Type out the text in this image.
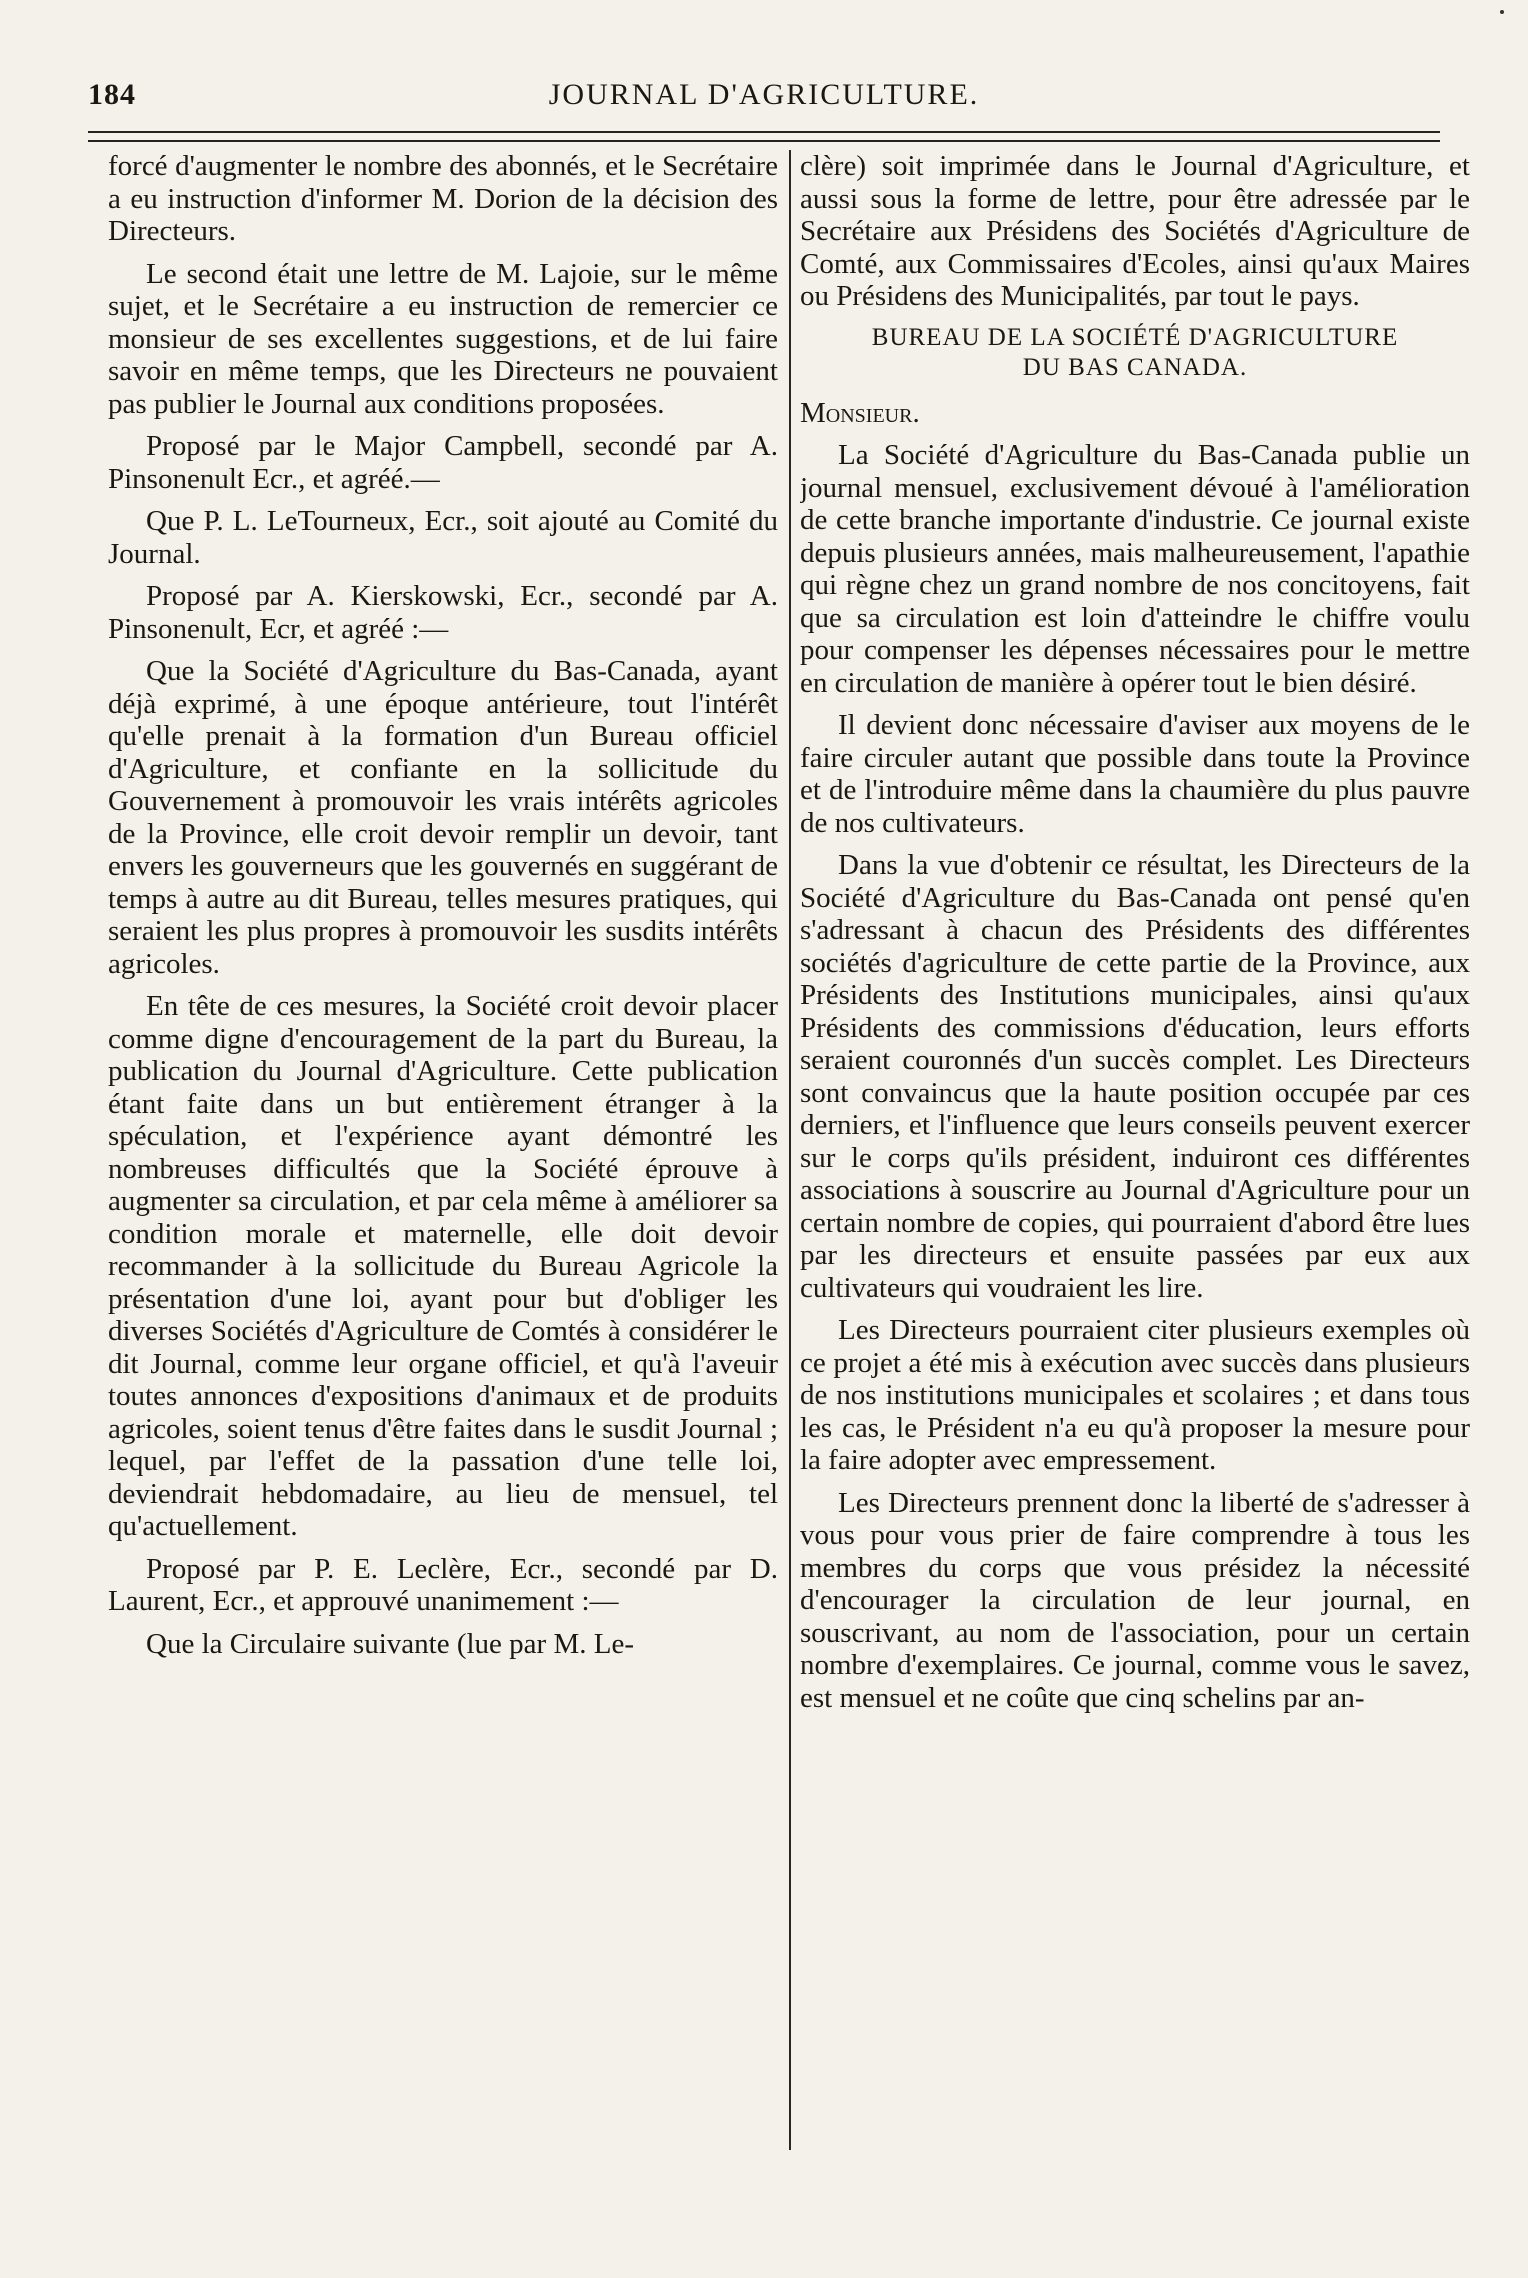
184	JOURNAL D'AGRICULTURE.

forcé d'augmenter le nombre des abonnés, et le Secrétaire a eu instruction d'informer M. Dorion de la décision des Directeurs.

Le second était une lettre de M. Lajoie, sur le même sujet, et le Secrétaire a eu instruction de remercier ce monsieur de ses excellentes suggestions, et de lui faire savoir en même temps, que les Directeurs ne pouvaient pas publier le Journal aux conditions proposées.

Proposé par le Major Campbell, secondé par A. Pinsonenult Ecr., et agréé.—

Que P. L. LeTourneux, Ecr., soit ajouté au Comité du Journal.

Proposé par A. Kierskowski, Ecr., secondé par A. Pinsonenult, Ecr, et agréé :—

Que la Société d'Agriculture du Bas-Canada, ayant déjà exprimé, à une époque antérieure, tout l'intérêt qu'elle prenait à la formation d'un Bureau officiel d'Agriculture, et confiante en la sollicitude du Gouvernement à promouvoir les vrais intérêts agricoles de la Province, elle croit devoir remplir un devoir, tant envers les gouverneurs que les gouvernés en suggérant de temps à autre au dit Bureau, telles mesures pratiques, qui seraient les plus propres à promouvoir les susdits intérêts agricoles.

En tête de ces mesures, la Société croit devoir placer comme digne d'encouragement de la part du Bureau, la publication du Journal d'Agriculture. Cette publication étant faite dans un but entièrement étranger à la spéculation, et l'expérience ayant démontré les nombreuses difficultés que la Société éprouve à augmenter sa circulation, et par cela même à améliorer sa condition morale et maternelle, elle doit devoir recommander à la sollicitude du Bureau Agricole la présentation d'une loi, ayant pour but d'obliger les diverses Sociétés d'Agriculture de Comtés à considérer le dit Journal, comme leur organe officiel, et qu'à l'aveuir toutes annonces d'expositions d'animaux et de produits agricoles, soient tenus d'être faites dans le susdit Journal ; lequel, par l'effet de la passation d'une telle loi, deviendrait hebdomadaire, au lieu de mensuel, tel qu'actuellement.

Proposé par P. E. Leclère, Ecr., secondé par D. Laurent, Ecr., et approuvé unanimement :—

Que la Circulaire suivante (lue par M. Le-

clère) soit imprimée dans le Journal d'Agriculture, et aussi sous la forme de lettre, pour être adressée par le Secrétaire aux Présidens des Sociétés d'Agriculture de Comté, aux Commissaires d'Ecoles, ainsi qu'aux Maires ou Présidens des Municipalités, par tout le pays.

BUREAU DE LA SOCIÉTÉ D'AGRICULTURE
DU BAS CANADA.

Monsieur.

La Société d'Agriculture du Bas-Canada publie un journal mensuel, exclusivement dévoué à l'amélioration de cette branche importante d'industrie. Ce journal existe depuis plusieurs années, mais malheureusement, l'apathie qui règne chez un grand nombre de nos concitoyens, fait que sa circulation est loin d'atteindre le chiffre voulu pour compenser les dépenses nécessaires pour le mettre en circulation de manière à opérer tout le bien désiré.

Il devient donc nécessaire d'aviser aux moyens de le faire circuler autant que possible dans toute la Province et de l'introduire même dans la chaumière du plus pauvre de nos cultivateurs.

Dans la vue d'obtenir ce résultat, les Directeurs de la Société d'Agriculture du Bas-Canada ont pensé qu'en s'adressant à chacun des Présidents des différentes sociétés d'agriculture de cette partie de la Province, aux Présidents des Institutions municipales, ainsi qu'aux Présidents des commissions d'éducation, leurs efforts seraient couronnés d'un succès complet. Les Directeurs sont convaincus que la haute position occupée par ces derniers, et l'influence que leurs conseils peuvent exercer sur le corps qu'ils président, induiront ces différentes associations à souscrire au Journal d'Agriculture pour un certain nombre de copies, qui pourraient d'abord être lues par les directeurs et ensuite passées par eux aux cultivateurs qui voudraient les lire.

Les Directeurs pourraient citer plusieurs exemples où ce projet a été mis à exécution avec succès dans plusieurs de nos institutions municipales et scolaires ; et dans tous les cas, le Président n'a eu qu'à proposer la mesure pour la faire adopter avec empressement.

Les Directeurs prennent donc la liberté de s'adresser à vous pour vous prier de faire comprendre à tous les membres du corps que vous présidez la nécessité d'encourager la circulation de leur journal, en souscrivant, au nom de l'association, pour un certain nombre d'exemplaires. Ce journal, comme vous le savez, est mensuel et ne coûte que cinq schelins par an-
